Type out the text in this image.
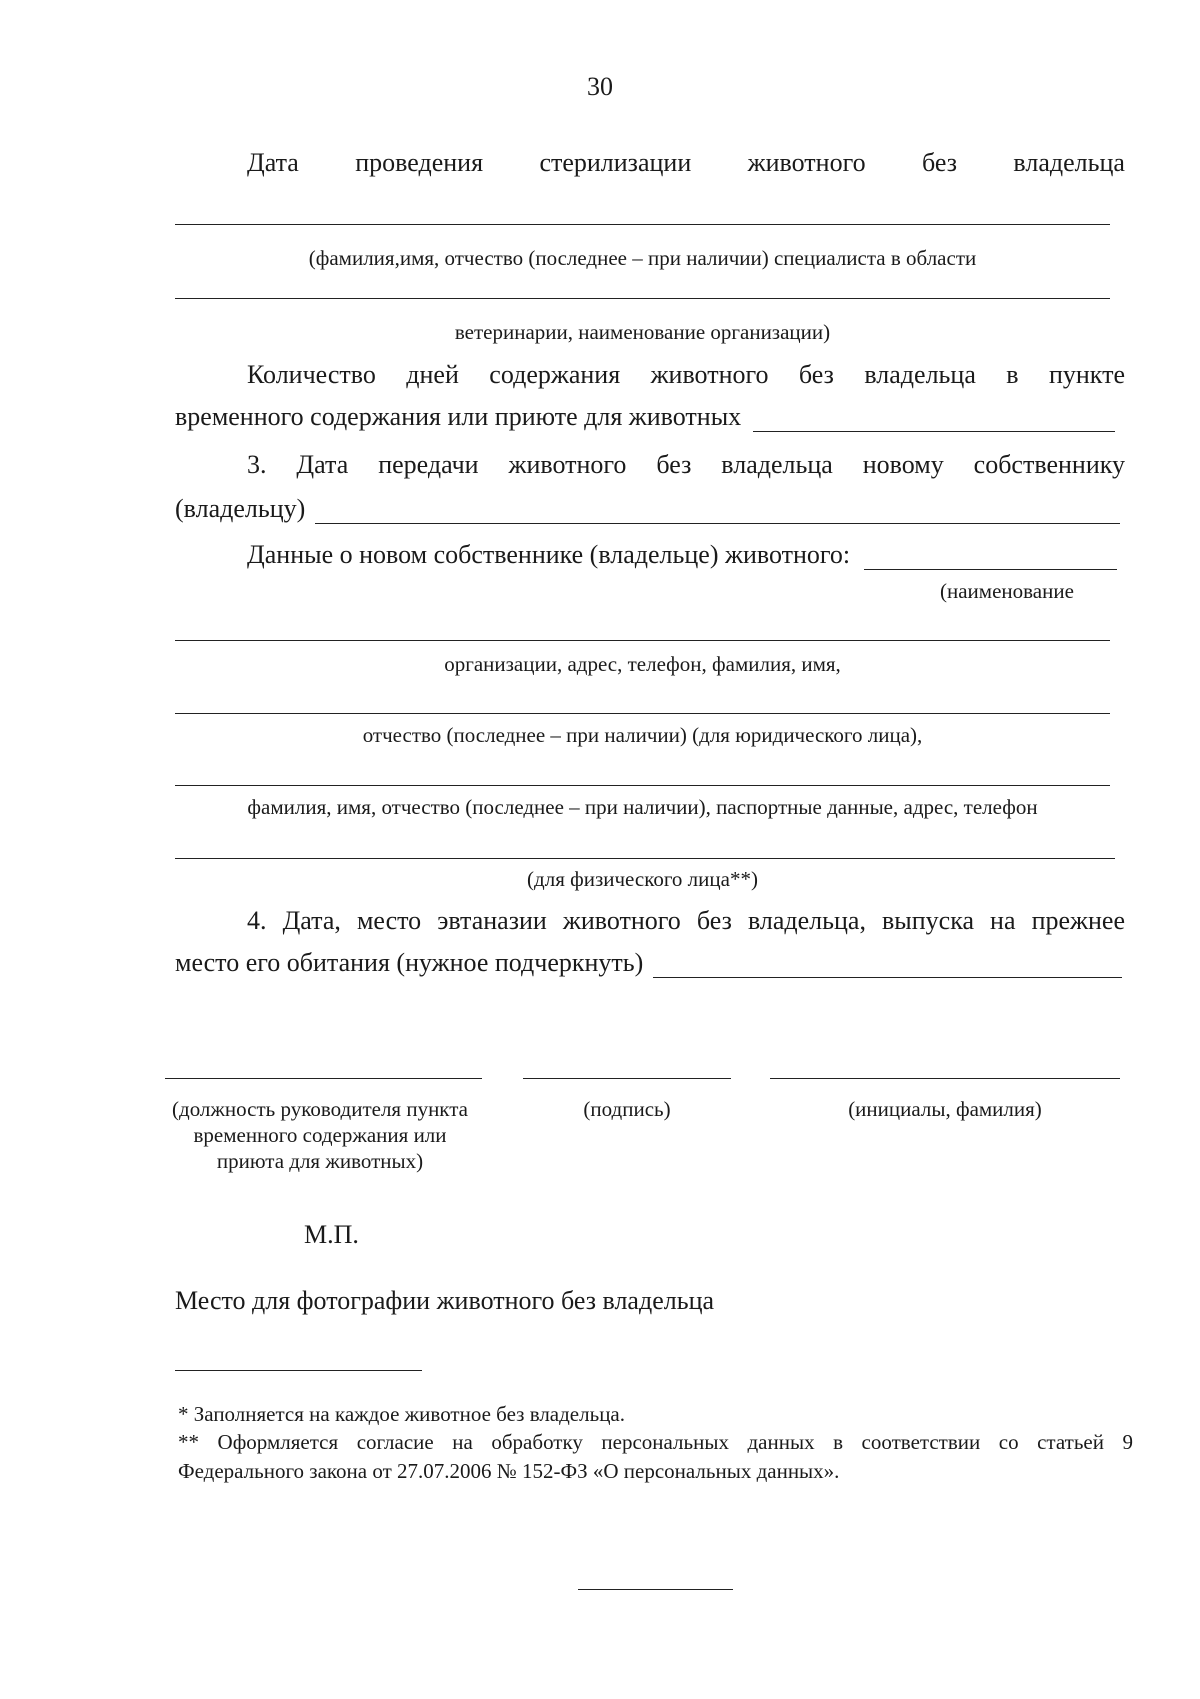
30
Дата проведения стерилизации животного без владельца
(фамилия,имя, отчество (последнее – при наличии) специалиста в области
ветеринарии, наименование организации)
Количество дней содержания животного без владельца в пункте
временного содержания или приюте для животных
3. Дата передачи животного без владельца новому собственнику
(владельцу)
Данные о новом собственнике (владельце) животного:
(наименование
организации, адрес, телефон, фамилия, имя,
отчество (последнее – при наличии) (для юридического лица),
фамилия, имя, отчество (последнее – при наличии), паспортные данные, адрес, телефон
(для физического лица**)
4. Дата, место эвтаназии животного без владельца, выпуска на прежнее
место его обитания (нужное подчеркнуть)
(должность руководителя пункта временного содержания или приюта для животных)
(подпись)	(инициалы, фамилия)
М.П.
Место для фотографии животного без владельца
* Заполняется на каждое животное без владельца.
** Оформляется согласие на обработку персональных данных в соответствии со статьей 9
Федерального закона от 27.07.2006 № 152-ФЗ «О персональных данных».
